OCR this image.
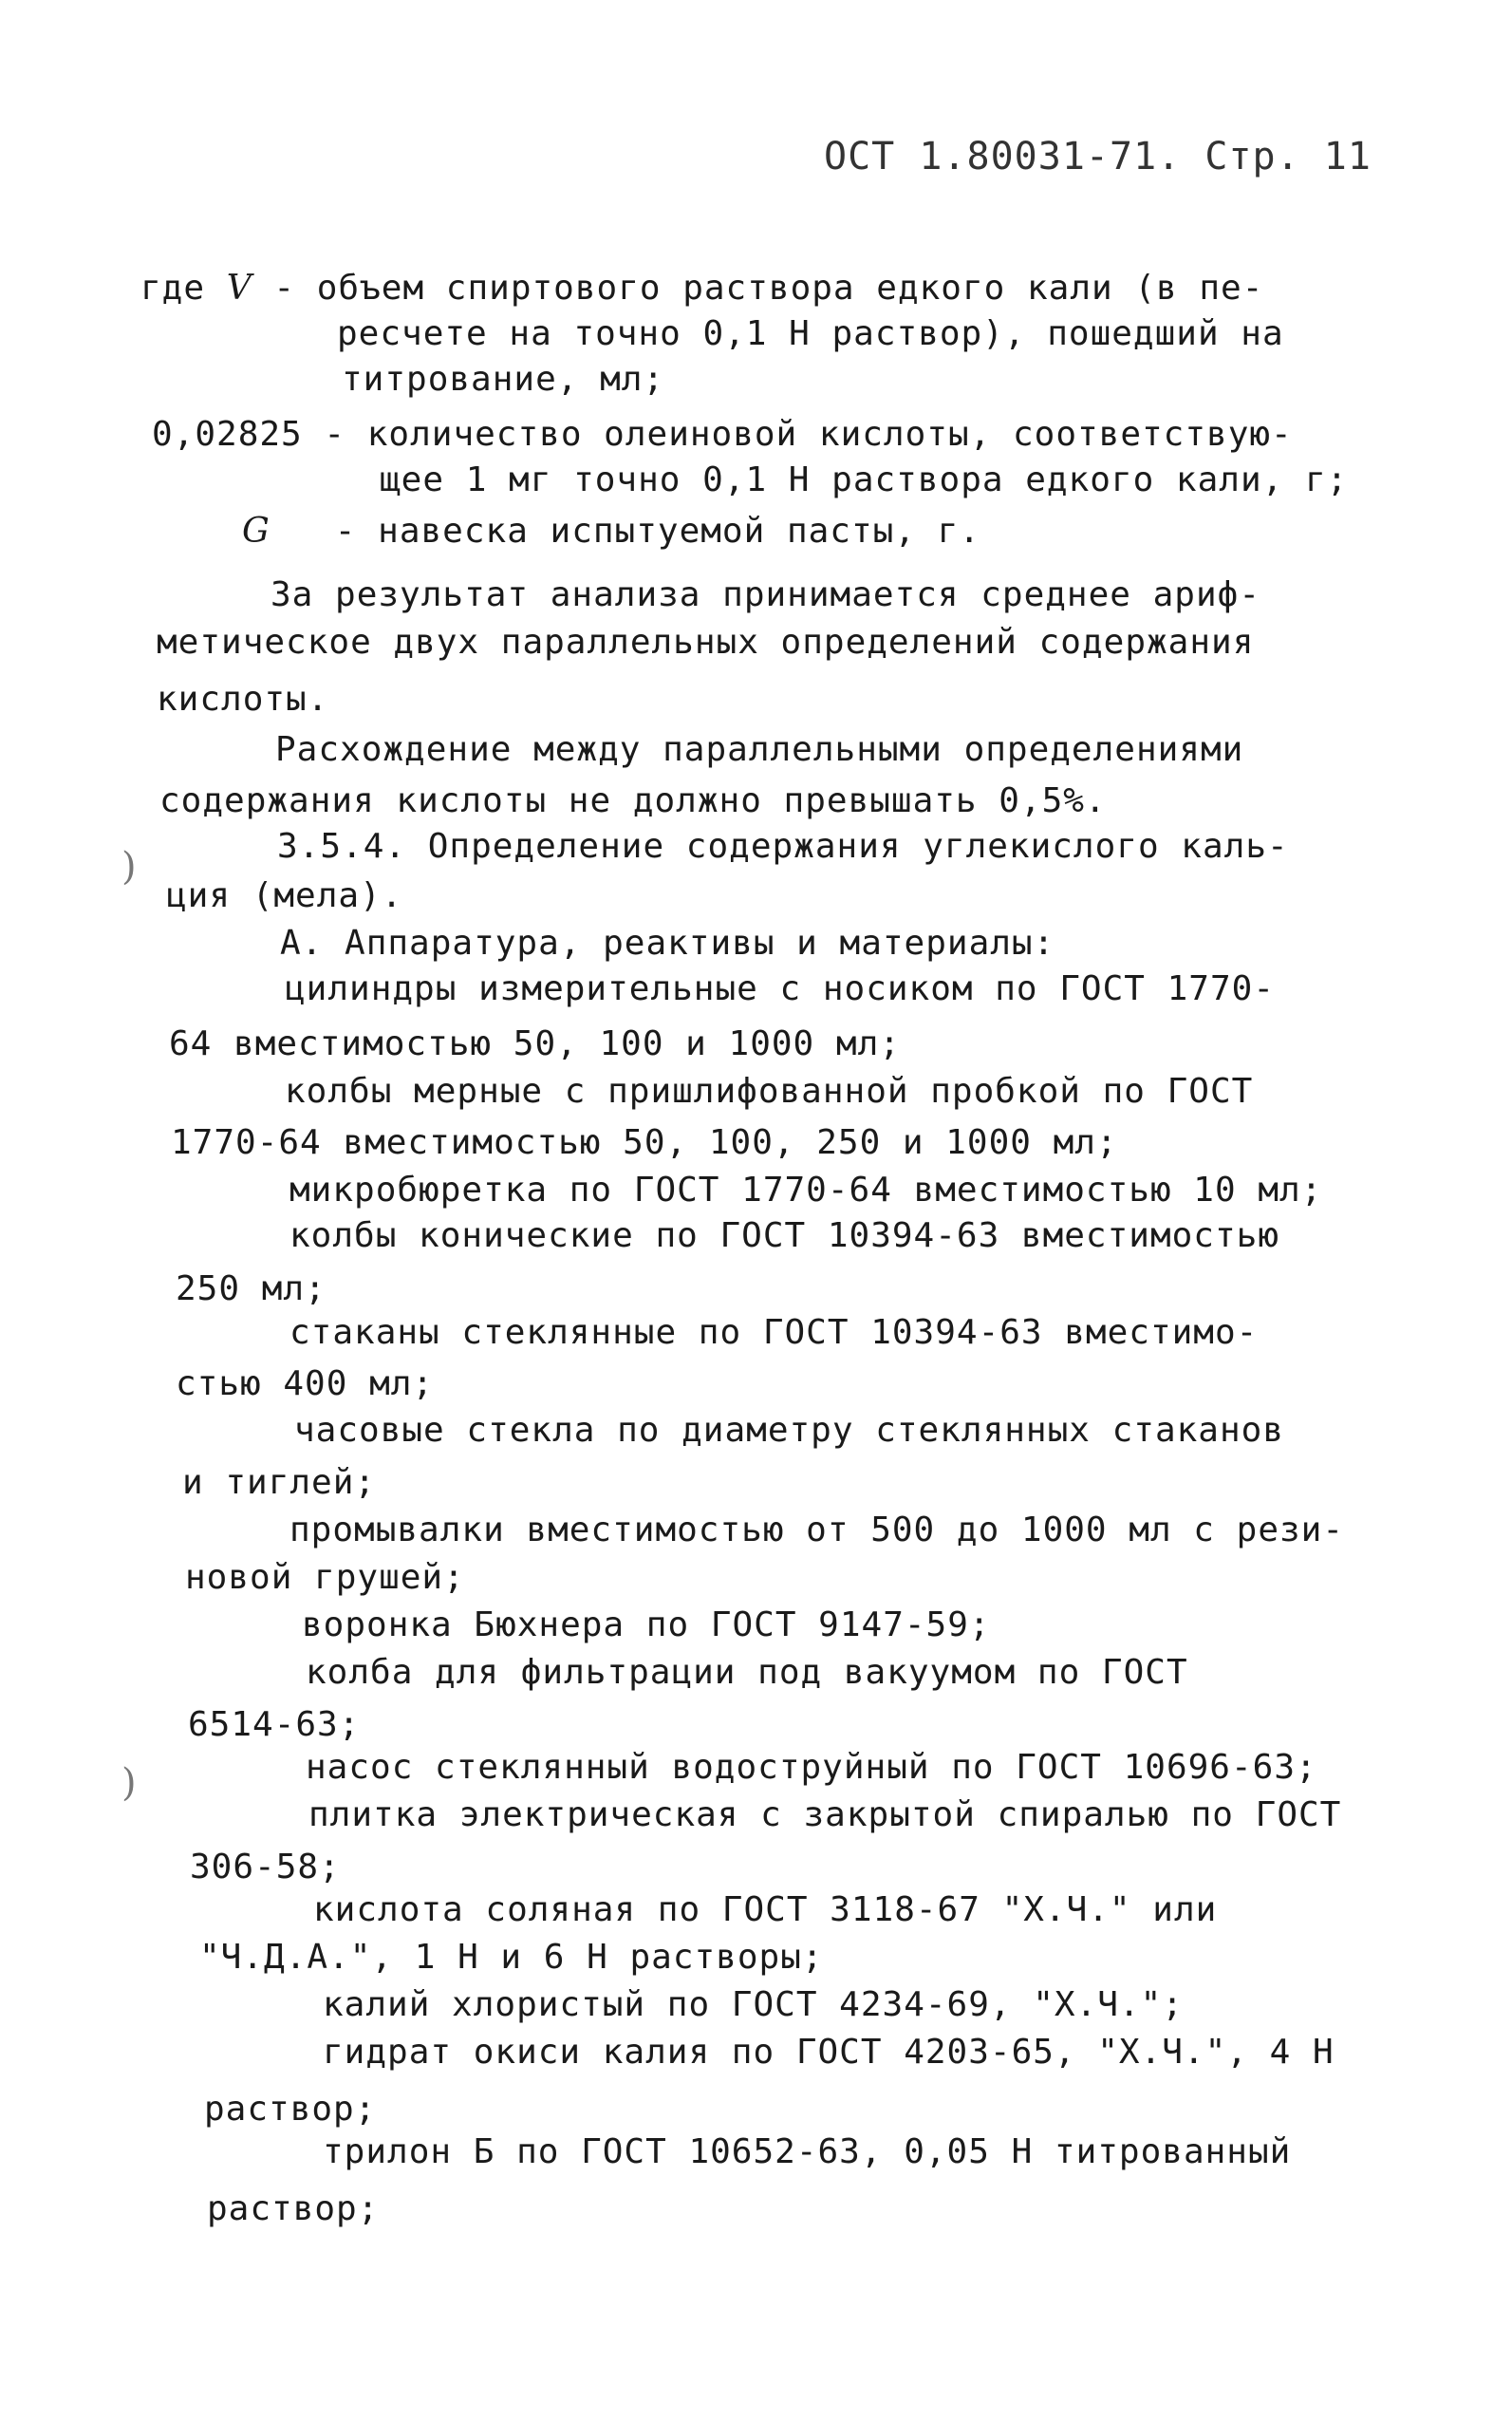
ОСТ 1.80031-71. Стр. 11
где V - объем спиртового раствора едкого кали (в пе-
ресчете на точно 0,1 Н раствор), пошедший на
титрование, мл;
0,02825 - количество олеиновой кислоты, соответствую-
щее 1 мг точно 0,1 Н раствора едкого кали, г;
G - навеска испытуемой пасты, г.
За результат анализа принимается среднее ариф-
метическое двух параллельных определений содержания
кислоты.
Расхождение между параллельными определениями
содержания кислоты не должно превышать 0,5%.
3.5.4. Определение содержания углекислого каль-
ция (мела).
А. Аппаратура, реактивы и материалы:
цилиндры измерительные с носиком по ГОСТ 1770-
64 вместимостью 50, 100 и 1000 мл;
колбы мерные с пришлифованной пробкой по ГОСТ
1770-64 вместимостью 50, 100, 250 и 1000 мл;
микробюретка по ГОСТ 1770-64 вместимостью 10 мл;
колбы конические по ГОСТ 10394-63 вместимостью
250 мл;
стаканы стеклянные по ГОСТ 10394-63 вместимо-
стью 400 мл;
часовые стекла по диаметру стеклянных стаканов
и тиглей;
промывалки вместимостью от 500 до 1000 мл с рези-
новой грушей;
воронка Бюхнера по ГОСТ 9147-59;
колба для фильтрации под вакуумом по ГОСТ
6514-63;
насос стеклянный водоструйный по ГОСТ 10696-63;
плитка электрическая с закрытой спиралью по ГОСТ
306-58;
кислота соляная по ГОСТ 3118-67 "Х.Ч." или
"Ч.Д.А.", 1 Н и 6 Н растворы;
калий хлористый по ГОСТ 4234-69, "Х.Ч.";
гидрат окиси калия по ГОСТ 4203-65, "Х.Ч.", 4 Н
раствор;
трилон Б по ГОСТ 10652-63, 0,05 Н титрованный
раствор;
)
)
